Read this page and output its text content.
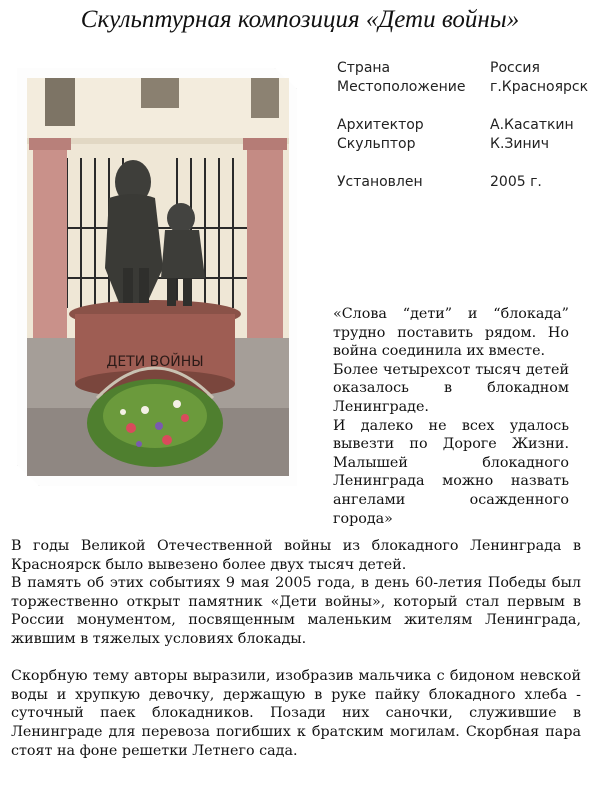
Скульптурная композиция «Дети войны»
ДЕТИ ВОЙНЫ
Страна	Россия
Местоположение г.Красноярск
Архитектор	А.Касаткин
Скульптор	К.Зинич
Установлен	2005 г.

«Слова “дети” и “блокада” трудно поставить рядом. Но война соединила их вместе.

Более четырехсот тысяч детей оказалось в блокадном Ленинграде.

И далеко не всех удалось вывезти по Дороге Жизни. Малышей блокадного Ленинграда можно назвать ангелами осажденного города»

В годы Великой Отечественной войны из блокадного Ленинграда в Красноярск было вывезено более двух тысяч детей.

В память об этих событиях 9 мая 2005 года, в день 60-летия Победы был торжественно открыт памятник «Дети войны», который стал первым в России монументом, посвященным маленьким жителям Ленинграда, жившим в тяжелых условиях блокады.

Скорбную тему авторы выразили, изобразив мальчика с бидоном невской воды и хрупкую девочку, держащую в руке пайку блокадного хлеба - суточный паек блокадников. Позади них саночки, служившие в Ленинграде для перевоза погибших к братским могилам. Скорбная пара стоят на фоне решетки Летнего сада.
